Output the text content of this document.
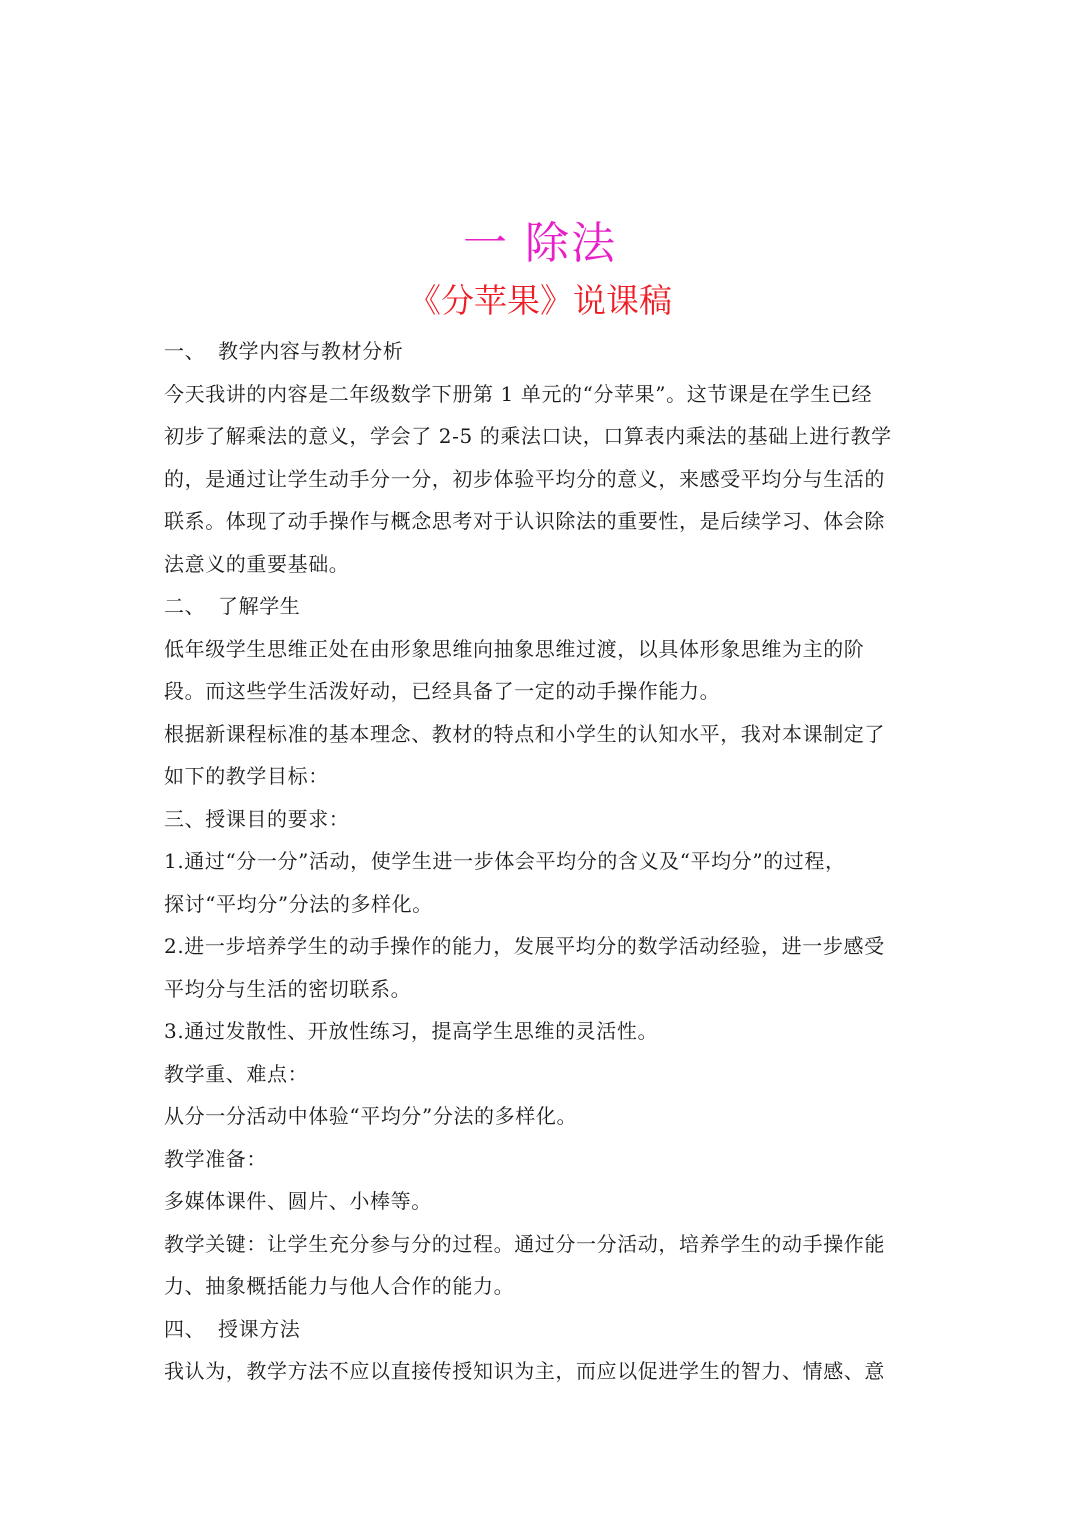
一 除法
《分苹果》说课稿

一、 教学内容与教材分析

今天我讲的内容是二年级数学下册第 1 单元的“分苹果”。这节课是在学生已经

初步了解乘法的意义，学会了 2-5 的乘法口诀，口算表内乘法的基础上进行教学

的，是通过让学生动手分一分，初步体验平均分的意义，来感受平均分与生活的

联系。体现了动手操作与概念思考对于认识除法的重要性，是后续学习、体会除

法意义的重要基础。

二、 了解学生

低年级学生思维正处在由形象思维向抽象思维过渡，以具体形象思维为主的阶

段。而这些学生活泼好动，已经具备了一定的动手操作能力。

根据新课程标准的基本理念、教材的特点和小学生的认知水平，我对本课制定了

如下的教学目标：

三、授课目的要求：

1.通过“分一分”活动，使学生进一步体会平均分的含义及“平均分”的过程，

探讨“平均分”分法的多样化。

2.进一步培养学生的动手操作的能力，发展平均分的数学活动经验，进一步感受

平均分与生活的密切联系。

3.通过发散性、开放性练习，提高学生思维的灵活性。

教学重、难点：

从分一分活动中体验“平均分”分法的多样化。

教学准备：

多媒体课件、圆片、小棒等。

教学关键：让学生充分参与分的过程。通过分一分活动，培养学生的动手操作能

力、抽象概括能力与他人合作的能力。

四、 授课方法

我认为，教学方法不应以直接传授知识为主，而应以促进学生的智力、情感、意
